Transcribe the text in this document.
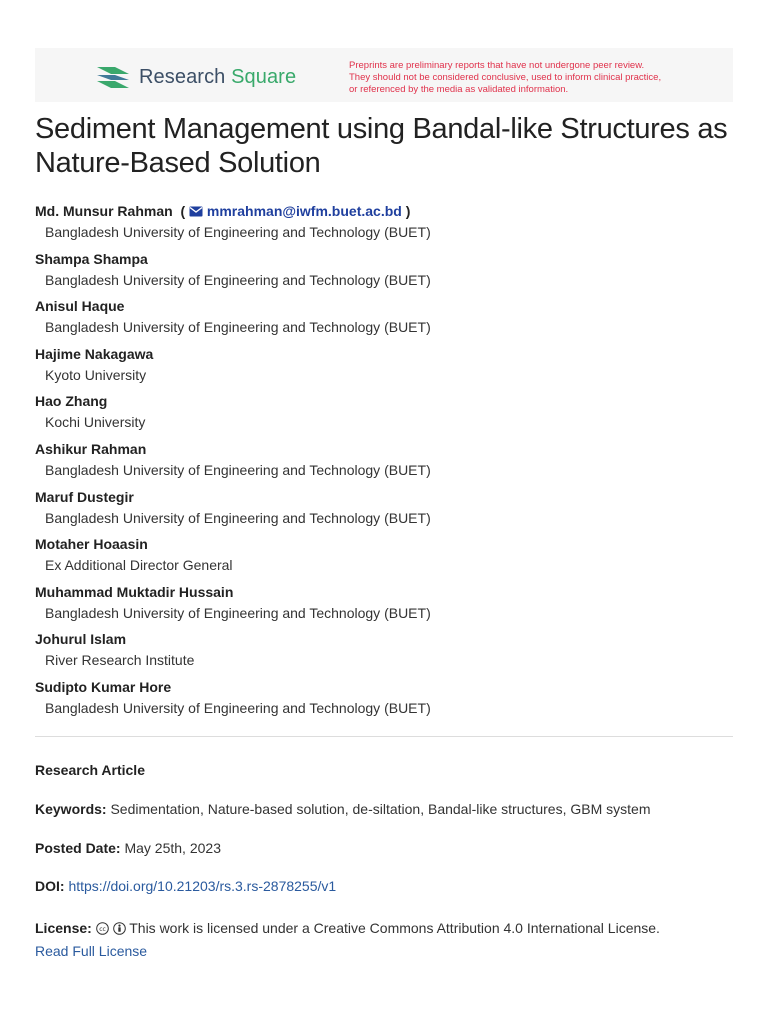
Research Square	Preprints are preliminary reports that have not undergone peer review.
They should not be considered conclusive, used to inform clinical practice,
or referenced by the media as validated information.
Sediment Management using Bandal-like Structures as Nature-Based Solution
Md. Munsur Rahman  ( mmrahman@iwfm.buet.ac.bd )
Bangladesh University of Engineering and Technology (BUET)
Shampa Shampa
Bangladesh University of Engineering and Technology (BUET)
Anisul Haque
Bangladesh University of Engineering and Technology (BUET)
Hajime Nakagawa
Kyoto University
Hao Zhang
Kochi University
Ashikur Rahman
Bangladesh University of Engineering and Technology (BUET)
Maruf Dustegir
Bangladesh University of Engineering and Technology (BUET)
Motaher Hoaasin
Ex Additional Director General
Muhammad Muktadir Hussain
Bangladesh University of Engineering and Technology (BUET)
Johurul Islam
River Research Institute
Sudipto Kumar Hore
Bangladesh University of Engineering and Technology (BUET)
Research Article
Keywords: Sedimentation, Nature-based solution, de-siltation, Bandal-like structures, GBM system
Posted Date: May 25th, 2023
DOI: https://doi.org/10.21203/rs.3.rs-2878255/v1
License: cc This work is licensed under a Creative Commons Attribution 4.0 International License.
Read Full License
